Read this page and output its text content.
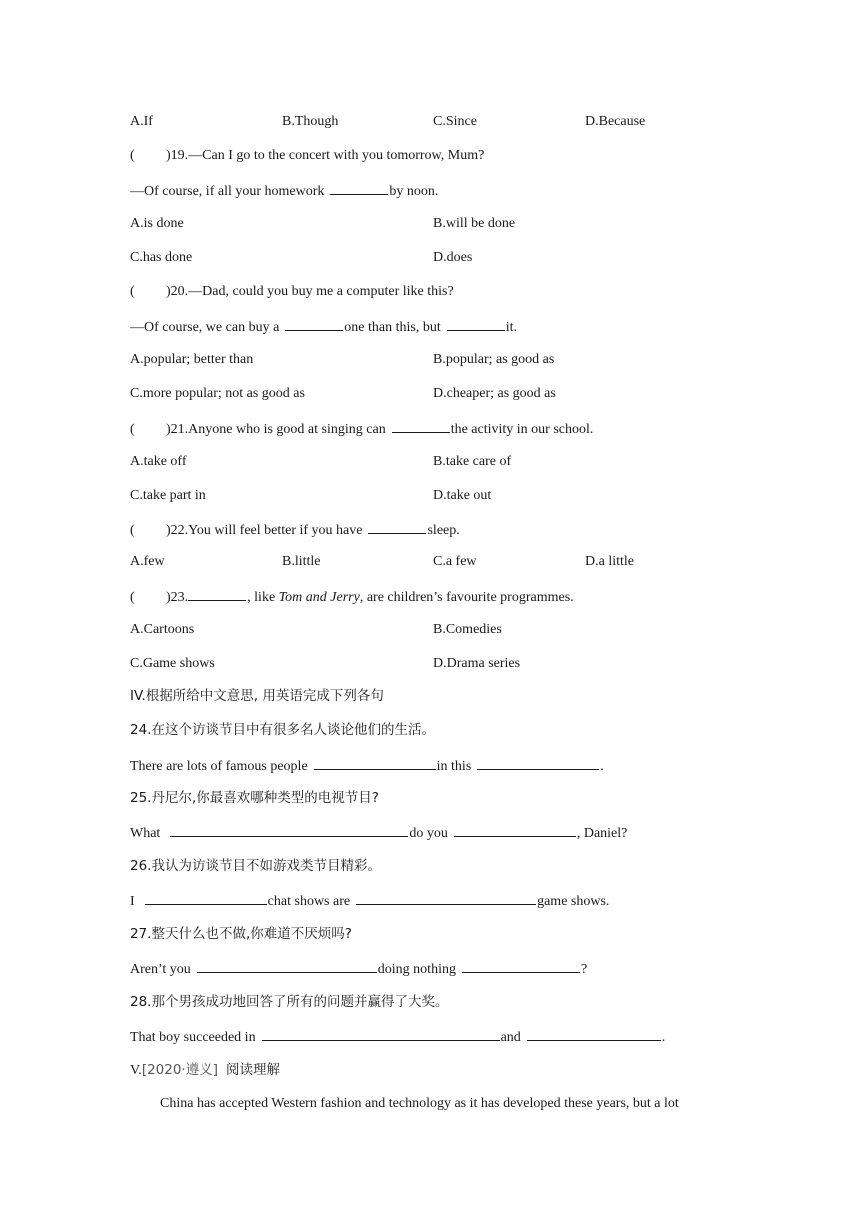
A.If	B.Though	C.Since	D.Because
( )19.—Can I go to the concert with you tomorrow, Mum?
—Of course, if all your homework	by noon.
A.is done	B.will be done
C.has done	D.does
( )20.—Dad, could you buy me a computer like this?
—Of course, we can buy a	one than this, but	it.
A.popular; better than	B.popular; as good as
C.more popular; not as good as	D.cheaper; as good as
( )21.Anyone who is good at singing can	the activity in our school.
A.take off	B.take care of
C.take part in	D.take out
( )22.You will feel better if you have	sleep.
A.few	B.little	C.a few	D.a little
( )23.	, like Tom and Jerry, are children’s favourite programmes.
A.Cartoons	B.Comedies
C.Game shows	D.Drama series
IV.根据所给中文意思, 用英语完成下列各句
24.在这个访谈节目中有很多名人谈论他们的生活。
There are lots of famous people	in this	.
25.丹尼尔,你最喜欢哪种类型的电视节目?
What	do you	, Daniel?
26.我认为访谈节目不如游戏类节目精彩。
I	chat shows are	game shows.
27.整天什么也不做,你难道不厌烦吗?
Aren’t you	doing nothing	?
28.那个男孩成功地回答了所有的问题并赢得了大奖。
That boy succeeded in	and	.
V.[2020·遵义] 阅读理解
China has accepted Western fashion and technology as it has developed these years, but a lot
